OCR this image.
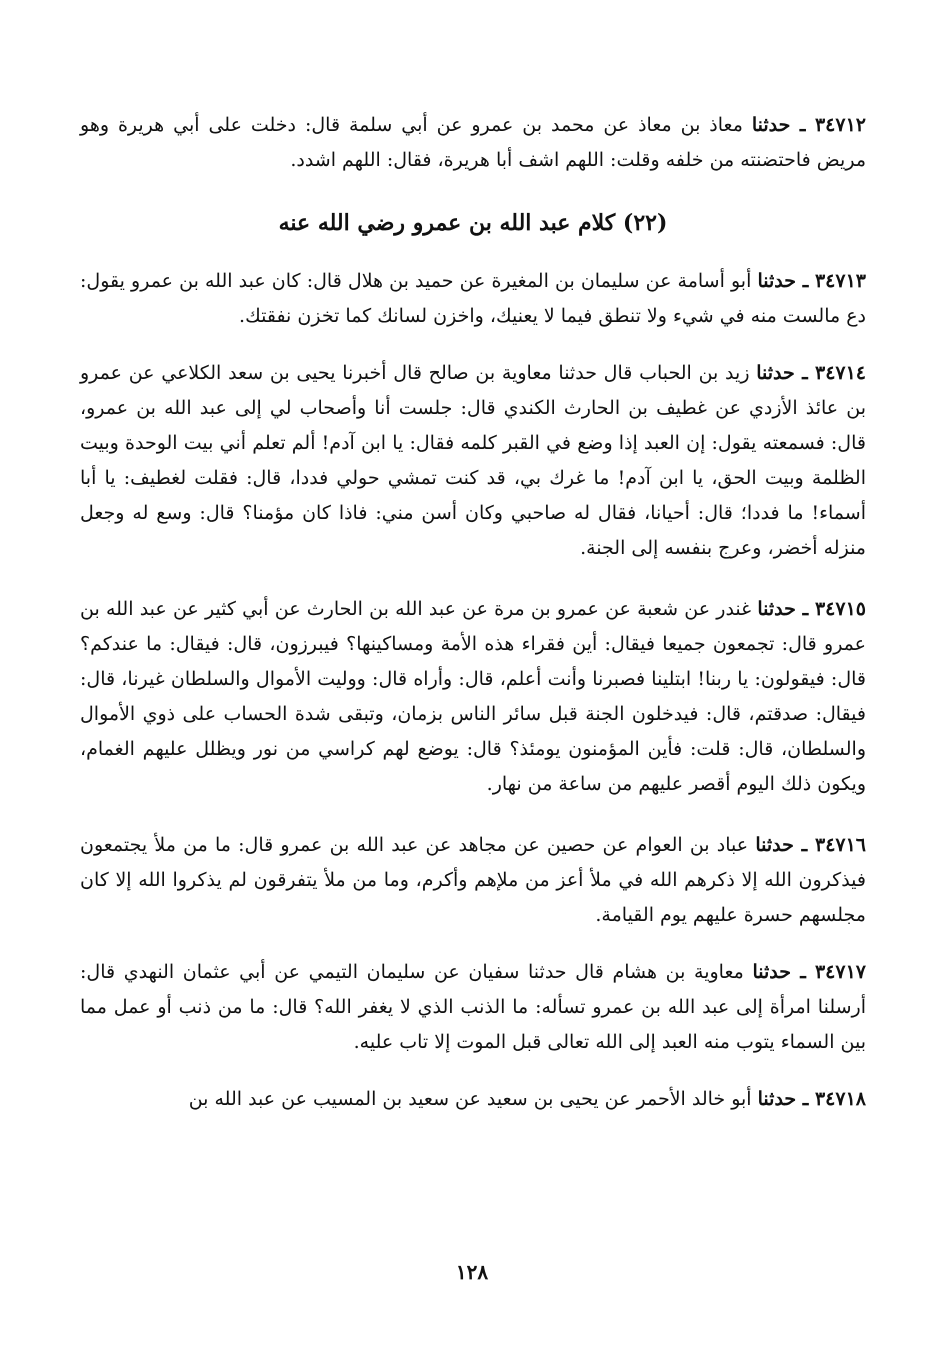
٣٤٧١٢ ـ حدثنا معاذ بن معاذ عن محمد بن عمرو عن أبي سلمة قال: دخلت على أبي هريرة وهو مريض فاحتضنته من خلفه وقلت: اللهم اشف أبا هريرة، فقال: اللهم اشدد.

(٢٢) كلام عبد الله بن عمرو رضي الله عنه

٣٤٧١٣ ـ حدثنا أبو أسامة عن سليمان بن المغيرة عن حميد بن هلال قال: كان عبد الله بن عمرو يقول: دع مالست منه في شيء ولا تنطق فيما لا يعنيك، واخزن لسانك كما تخزن نفقتك.

٣٤٧١٤ ـ حدثنا زيد بن الحباب قال حدثنا معاوية بن صالح قال أخبرنا يحيى بن سعد الكلاعي عن عمرو بن عائذ الأزدي عن غطيف بن الحارث الكندي قال: جلست أنا وأصحاب لي إلى عبد الله بن عمرو، قال: فسمعته يقول: إن العبد إذا وضع في القبر كلمه فقال: يا ابن آدم! ألم تعلم أني بيت الوحدة وبيت الظلمة وبيت الحق، يا ابن آدم! ما غرك بي، قد كنت تمشي حولي فددا، قال: فقلت لغطيف: يا أبا أسماء! ما فددا؛ قال: أحيانا، فقال له صاحبي وكان أسن مني: فاذا كان مؤمنا؟ قال: وسع له وجعل منزله أخضر، وعرج بنفسه إلى الجنة.

٣٤٧١٥ ـ حدثنا غندر عن شعبة عن عمرو بن مرة عن عبد الله بن الحارث عن أبي كثير عن عبد الله بن عمرو قال: تجمعون جميعا فيقال: أين فقراء هذه الأمة ومساكينها؟ فيبرزون، قال: فيقال: ما عندكم؟ قال: فيقولون: يا ربنا! ابتلينا فصبرنا وأنت أعلم، قال: وأراه قال: ووليت الأموال والسلطان غيرنا، قال: فيقال: صدقتم، قال: فيدخلون الجنة قبل سائر الناس بزمان، وتبقى شدة الحساب على ذوي الأموال والسلطان، قال: قلت: فأين المؤمنون يومئذ؟ قال: يوضع لهم كراسي من نور ويظلل عليهم الغمام، ويكون ذلك اليوم أقصر عليهم من ساعة من نهار.

٣٤٧١٦ ـ حدثنا عباد بن العوام عن حصين عن مجاهد عن عبد الله بن عمرو قال: ما من ملأ يجتمعون فيذكرون الله إلا ذكرهم الله في ملأ أعز من ملإهم وأكرم، وما من ملأ يتفرقون لم يذكروا الله إلا كان مجلسهم حسرة عليهم يوم القيامة.

٣٤٧١٧ ـ حدثنا معاوية بن هشام قال حدثنا سفيان عن سليمان التيمي عن أبي عثمان النهدي قال: أرسلنا امرأة إلى عبد الله بن عمرو تسأله: ما الذنب الذي لا يغفر الله؟ قال: ما من ذنب أو عمل مما بين السماء يتوب منه العبد إلى الله تعالى قبل الموت إلا تاب عليه.

٣٤٧١٨ ـ حدثنا أبو خالد الأحمر عن يحيى بن سعيد عن سعيد بن المسيب عن عبد الله بن

١٢٨
